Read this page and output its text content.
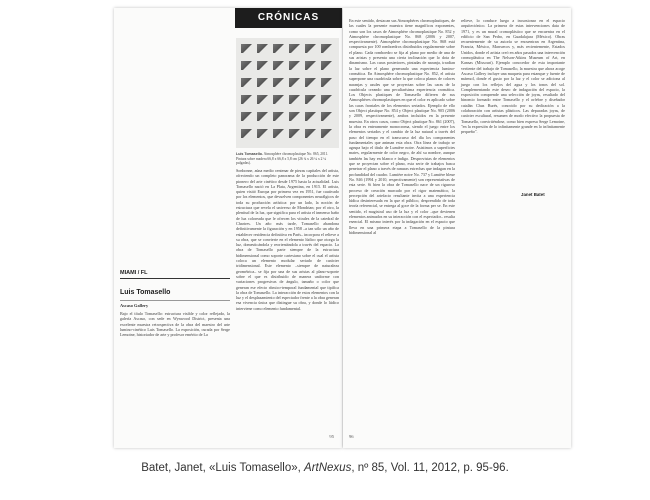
CRÓNICAS
Luis Tomasello. Atmosphère chromoplastique No. 865, 2011. Pintura sobre madera 66,8 x 66,8 x 5,8 cm (26 ¼ x 26 ¼ x 2 ¼ pulgadas).
Sonbonne, aúna medio centenar de piezas capitales del artista, ofreciendo un completo panorama de la producción de este pionero del arte cinético desde 1975 hasta la actualidad. Luis Tomasello nació en La Plata, Argentina, en 1915. El artista, quien visitó Europa por primera vez en 1951, fue cautivado por los elementos, que devuelven componentes neurálgicos de toda su producción artística: por un lado, la noción de estructura que revela el universo de Mondrian; por el otro, la plenitud de la luz, que significa para el artista el inmenso baño de luz coloreada que le ofrecen los vitrales de la catedral de Chartres. Un año más tarde, Tomasello abandona definitivamente la figuración y en 1958 –a tan sólo un año de establecer residencia definitiva en París– incorpora el relieve a su obra, que se convierte en el elemento lúdico que otorga la luz, domesticándola y reorientándola a través del espacio. La obra de Tomasello parte siempre de la estructura bidimensional como soporte cartesiano sobre el cual el artista coloca un elemento modular seriado de carácter tridimensional. Este elemento –siempre de naturaleza geométrica– se fija por una de sus aristas al plano-soporte sobre el que es distribuido de manera uniforme con variaciones progresivas de ángulo, tamaño o color que generan ese efecto rítmico-temporal fundamental que tipifica la obra de Tomasello. La interacción de estos elementos con la luz y el desplazamiento del espectador frente a la obra generan esa vivencia única que distingue su obra, y donde lo lúdico interviene como elemento fundamental.
MIAMI / FL
Luis Tomasello
Ascaso Gallery
Bajo el título Tomasello: estructura visible y color reflejado, la galería Ascaso, con sede en Wynwood District, presenta una excelente muestra retrospectiva de la obra del maestro del arte lumino-cinético Luis Tomasello. La exposición, curada por Serge Lemoine, historiador de arte y profesor emérito de La
95
En este sentido, destacan sus Atmosphères chromoplastiques, de las cuales la presente muestra tiene magníficos exponentes, como son los casos de Atmosphère chromoplastique No. 852 y Atmosphère chromoplastique No. 868 (2006 y 2007, respectivamente). Atmosphère chromoplastique No. 868 está compuesta por 100 romboedros distribuidos regularmente sobre el plano. Cada romboedro se fija al plano por medio de una de sus aristas y presenta una cierta inclinación que lo dota de dinamismo. Las caras posteriores, pintadas de naranja, irradian la luz sobre el plano generando una experiencia lumino-cromática. En Atmosphère chromoplastique No. 852, el artista superpone una cuadrícula sobre la que coloca planos de colores naranjas y azules que se proyectan sobre las caras de la cuadrícula creando una peculiarísima experiencia cromática. Los Objects plastiques de Tomasello difieren de sus Atmosphères chromoplastiques en que el color es aplicado sobre las caras frontales de los elementos seriados. Ejemplo de ello son Object plastique No. 854 y Object plastique No. 905 (2006 y 2009, respectivamente), ambos incluidos en la presente muestra. En otros casos, como Object plastique No. 861 (2007), la obra es enteramente monocroma, siendo el juego entre los elementos seriados y el cambio de la luz natural a través del paso del tiempo en el transcurso del día los componentes fundamentales que animan esta obra. Otra línea de trabajo se agrupa bajo el título de Lumière noire. Asistimos a superficies mates, regularmente de color negro, de ahí su nombre, aunque también las hay en blanco e índigo. Desprovistas de elementos que se proyectan sobre el plano, esta serie de trabajos basca penetrar el plano a través de ranuras estrechas que indagan en la profundidad del cuadro. Lumière noire No. 737 y Lumière bleue No. 846 (1994 y 2010, respectivamente) son representativas de esta serie. Si bien la obra de Tomasello nace de un riguroso proceso de creación marcado por el rigor matemático, la percepción del artefacto resultante invita a una experiencia lúdica desinteresada en la que el público, desprendido de toda teoría referencial, se entrega al goce de la forma per se. En este sentido, el magistral uso de la luz y el color –que devienen elementos animados en su interacción con el espectador– resulta esencial. El mismo interés por la indagación en el espacio que lleva en una primera etapa a Tomasello de la pintura bidimensional al
relieve, lo conduce luego a incursionar en el espacio arquitectónico. La primera de estas intervenciones data de 1971, y es un mural cromoplástico que se encuentra en el edificio de San Pedro, en Guadalajara (México). Obras recuentemente de su autoría se encuentran en Argentina, Francia, México, Marruecos y, más recientemente, Estados Unidos, donde el artista creó en años pasados una intervención cromoplástica en The Nelson-Atkins Museum of Art, en Kansas (Missouri). Ejemplo conocedor de esta importante vertiente del trabajo de Tomasello, la muestra que ahora acoge Ascaso Gallery incluye una maqueta para estanque y fuente de mármol, donde el gusto por la luz y el color se adiciona al juego con los reflejos del agua y los tonos del sol. Complementando este deseo de indagación del espacio, la exposición comprende una selección de joyas, resultado del binomio formado entre Tomasello y el orfebre y diseñador catalán Chus Burés, conocido por su dedicación a la colaboración con artistas plásticos. Las depuradas joyas, de carácter escultural, resumen de modo efectivo la propuesta de Tomasello, convirtiéndose, como bien expresa Serge Lemoine, "en la expresión de lo infinitamente grande en lo infinitamente pequeño".
Janet Batet
96
Batet, Janet, «Luis Tomasello», ArtNexus, nº 85, Vol. 11, 2012, p. 95-96.
